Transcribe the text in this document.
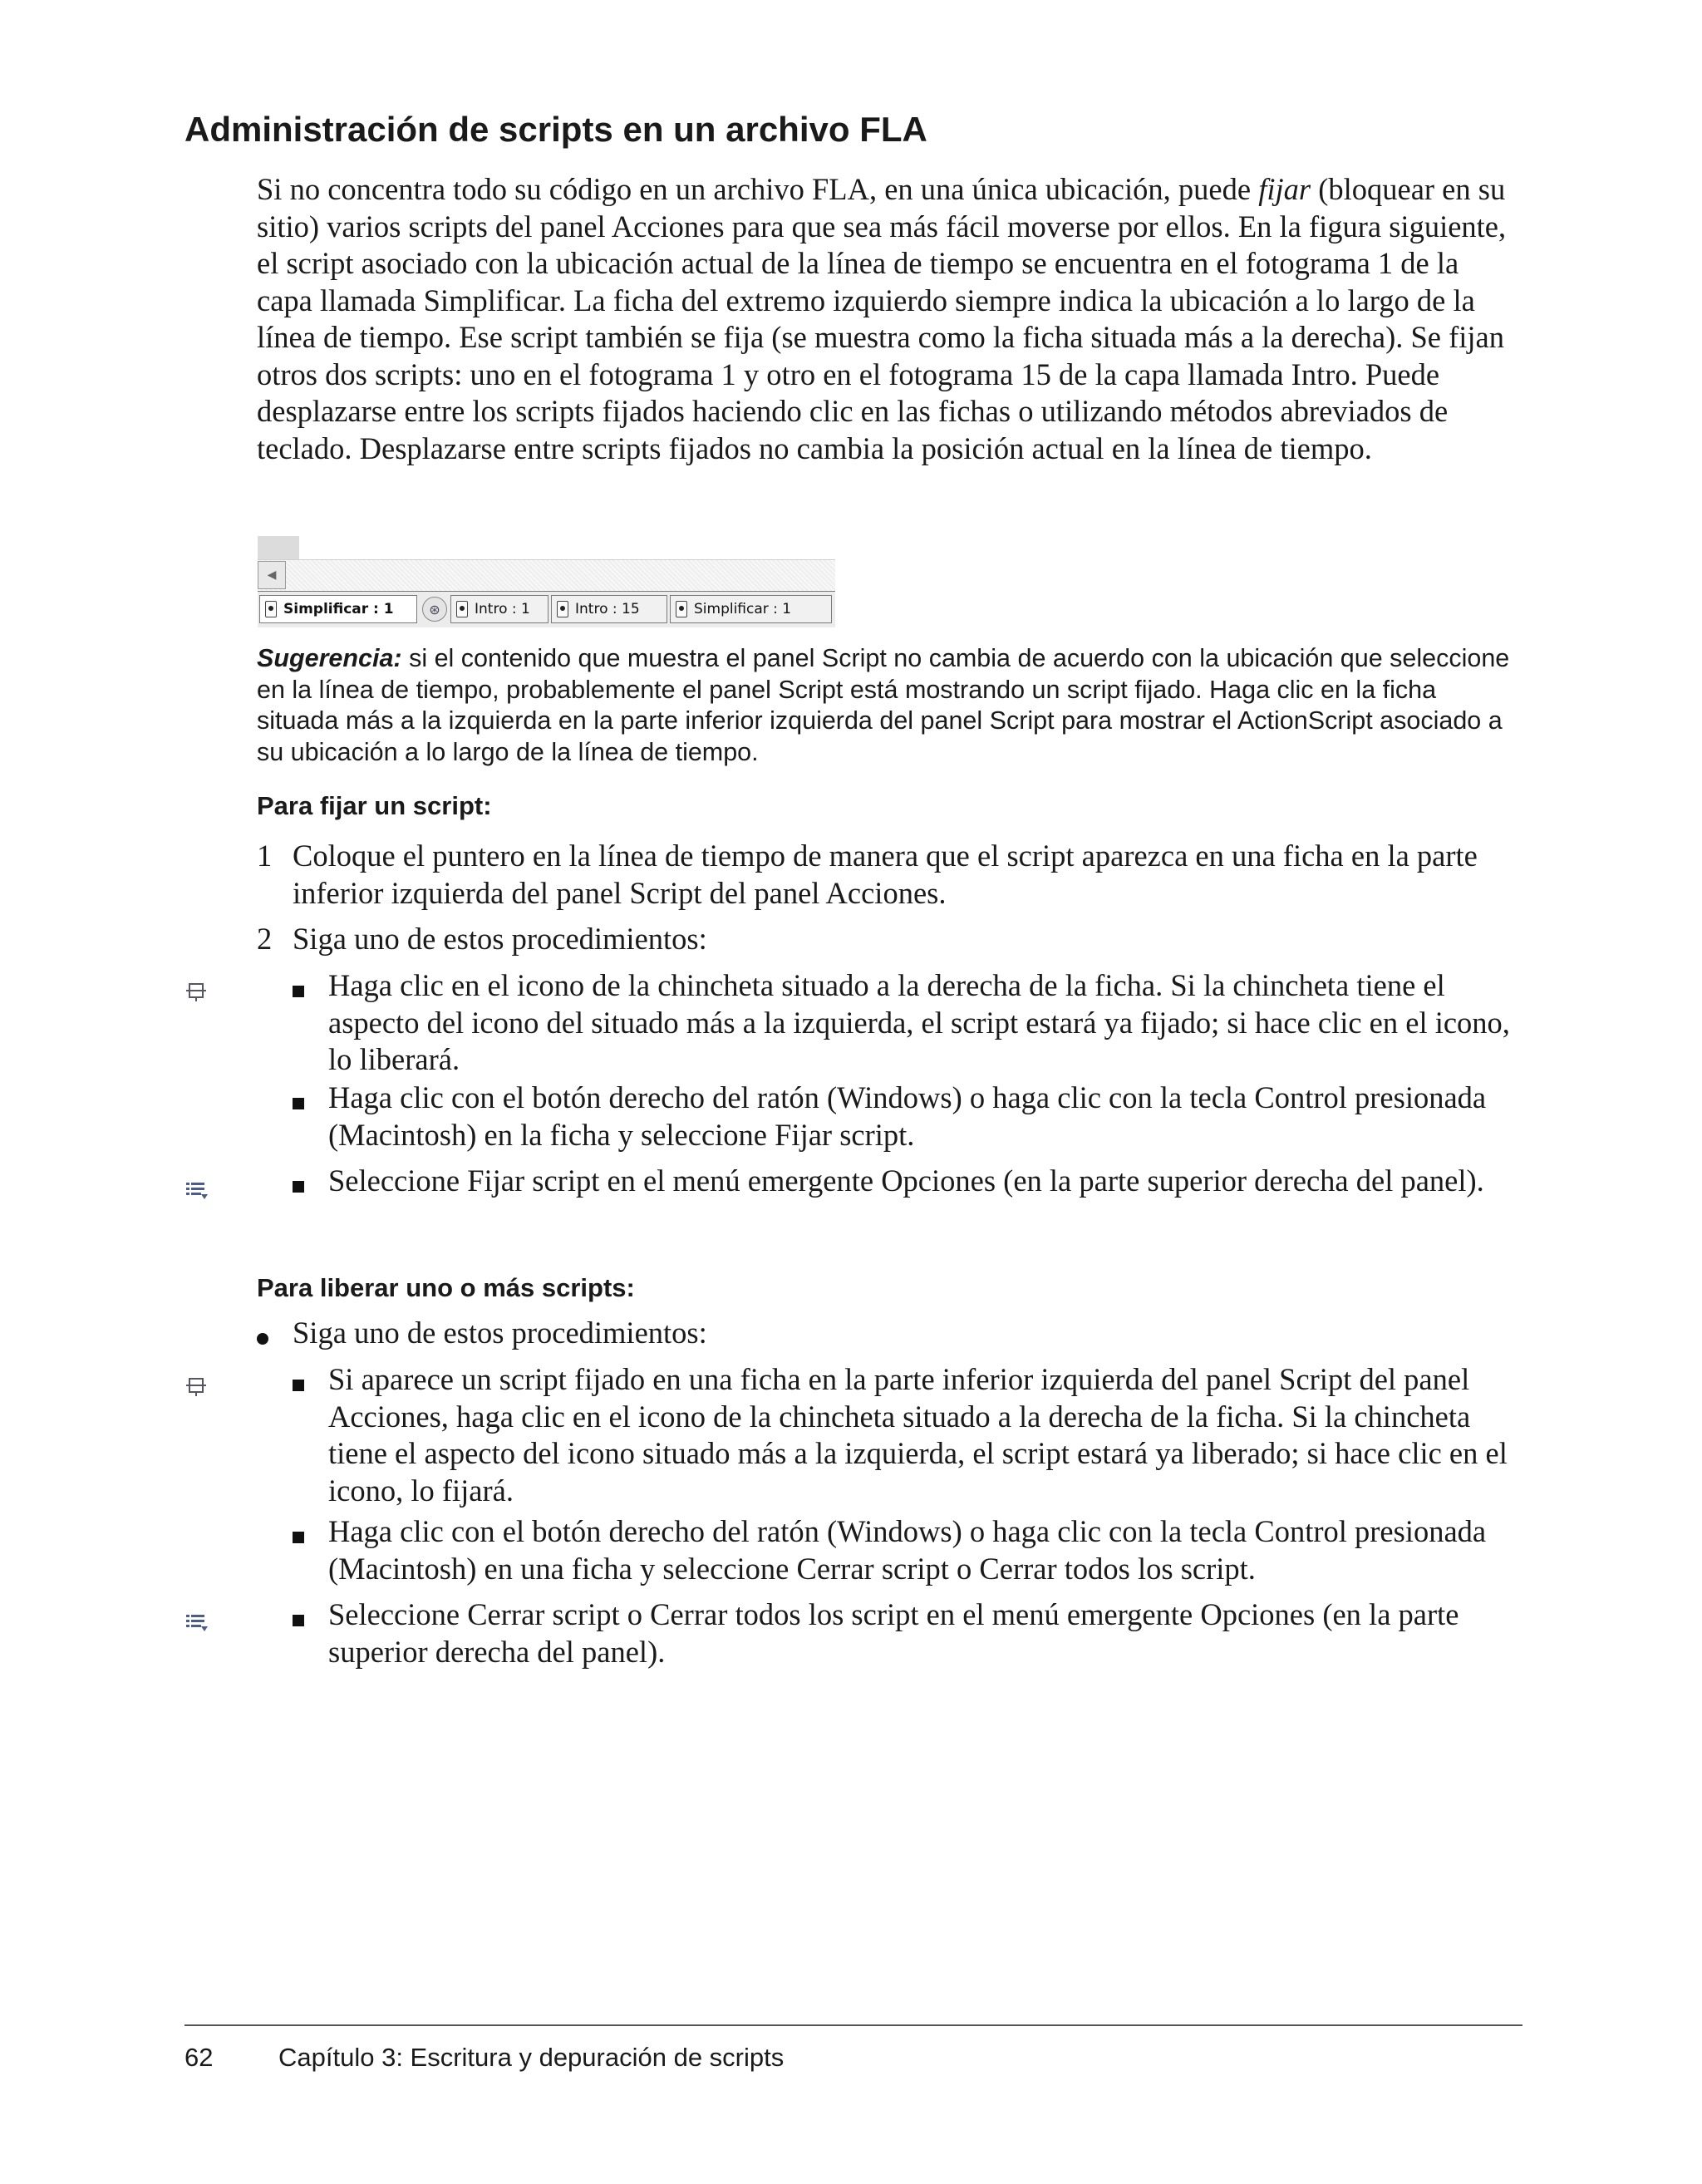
Administración de scripts en un archivo FLA

Si no concentra todo su código en un archivo FLA, en una única ubicación, puede fijar (bloquear en su sitio) varios scripts del panel Acciones para que sea más fácil moverse por ellos. En la figura siguiente, el script asociado con la ubicación actual de la línea de tiempo se encuentra en el fotograma 1 de la capa llamada Simplificar. La ficha del extremo izquierdo siempre indica la ubicación a lo largo de la línea de tiempo. Ese script también se fija (se muestra como la ficha situada más a la derecha). Se fijan otros dos scripts: uno en el fotograma 1 y otro en el fotograma 15 de la capa llamada Intro. Puede desplazarse entre los scripts fijados haciendo clic en las fichas o utilizando métodos abreviados de teclado. Desplazarse entre scripts fijados no cambia la posición actual en la línea de tiempo.

◀
Simplificar : 1	⊛	Intro : 1	Intro : 15	Simplificar : 1

Sugerencia: si el contenido que muestra el panel Script no cambia de acuerdo con la ubicación que seleccione en la línea de tiempo, probablemente el panel Script está mostrando un script fijado. Haga clic en la ficha situada más a la izquierda en la parte inferior izquierda del panel Script para mostrar el ActionScript asociado a su ubicación a lo largo de la línea de tiempo.

Para fijar un script:
1 Coloque el puntero en la línea de tiempo de manera que el script aparezca en una ficha en la parte inferior izquierda del panel Script del panel Acciones.

2 Siga uno de estos procedimientos:

Haga clic en el icono de la chincheta situado a la derecha de la ficha. Si la chincheta tiene el aspecto del icono del situado más a la izquierda, el script estará ya fijado; si hace clic en el icono, lo liberará.

Haga clic con el botón derecho del ratón (Windows) o haga clic con la tecla Control presionada (Macintosh) en la ficha y seleccione Fijar script.

Seleccione Fijar script en el menú emergente Opciones (en la parte superior derecha del panel).

Para liberar uno o más scripts:

Siga uno de estos procedimientos:

Si aparece un script fijado en una ficha en la parte inferior izquierda del panel Script del panel Acciones, haga clic en el icono de la chincheta situado a la derecha de la ficha. Si la chincheta tiene el aspecto del icono situado más a la izquierda, el script estará ya liberado; si hace clic en el icono, lo fijará.

Haga clic con el botón derecho del ratón (Windows) o haga clic con la tecla Control presionada (Macintosh) en una ficha y seleccione Cerrar script o Cerrar todos los script.

Seleccione Cerrar script o Cerrar todos los script en el menú emergente Opciones (en la parte superior derecha del panel).

62	Capítulo 3: Escritura y depuración de scripts
